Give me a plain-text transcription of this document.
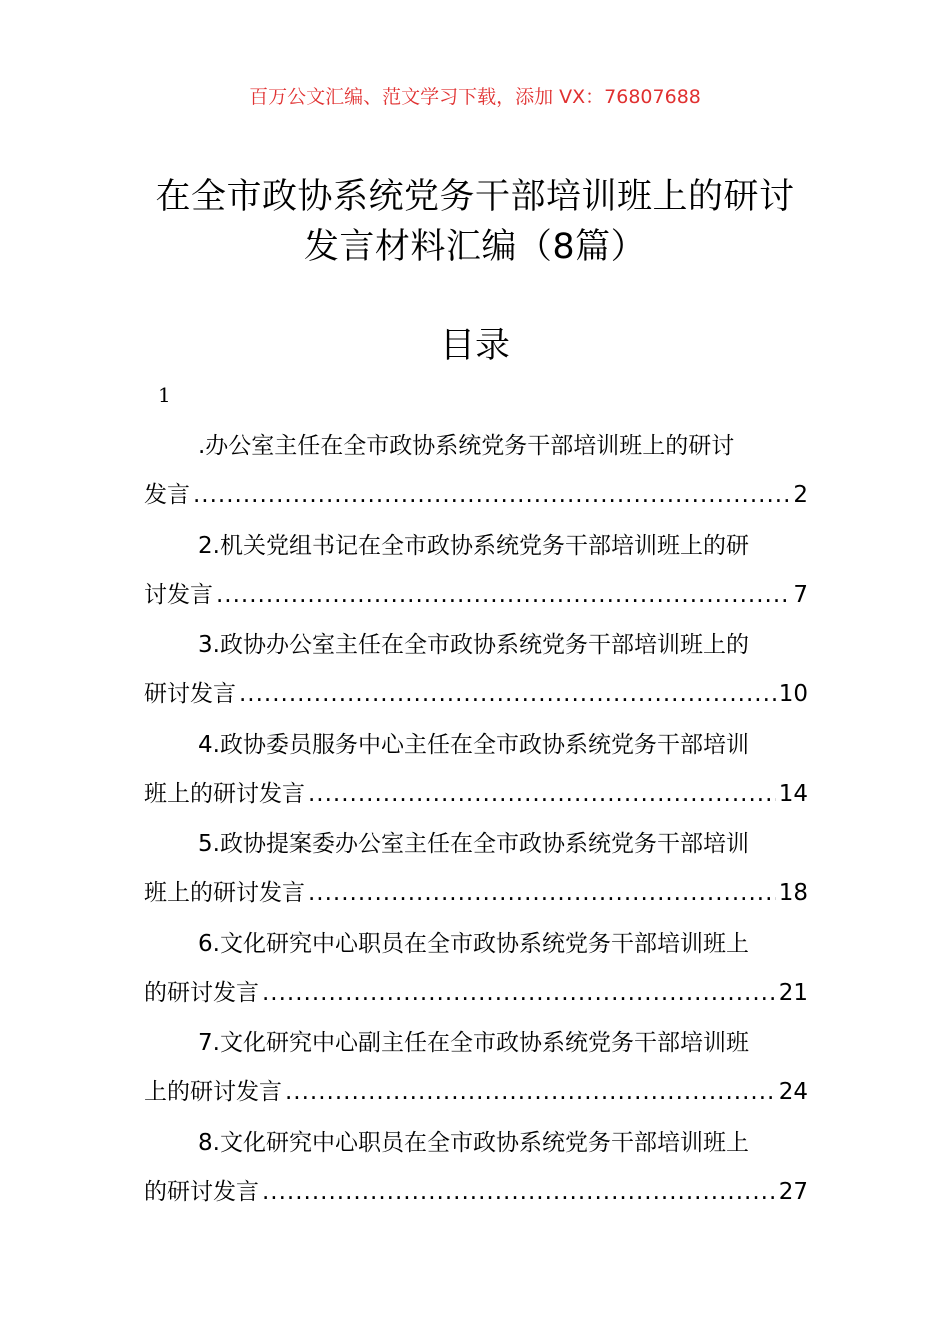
百万公文汇编、范文学习下载，添加 VX：76807688
在全市政协系统党务干部培训班上的研讨
发言材料汇编（8篇）
目录
1
.办公室主任在全市政协系统党务干部培训班上的研讨
发言 .....	2
2.机关党组书记在全市政协系统党务干部培训班上的研
讨发言 .....	7
3.政协办公室主任在全市政协系统党务干部培训班上的
研讨发言 .....	10
4.政协委员服务中心主任在全市政协系统党务干部培训
班上的研讨发言 .....	14
5.政协提案委办公室主任在全市政协系统党务干部培训
班上的研讨发言 .....	18
6.文化研究中心职员在全市政协系统党务干部培训班上
的研讨发言 .....	21
7.文化研究中心副主任在全市政协系统党务干部培训班
上的研讨发言 .....	24
8.文化研究中心职员在全市政协系统党务干部培训班上
的研讨发言 .....	27
